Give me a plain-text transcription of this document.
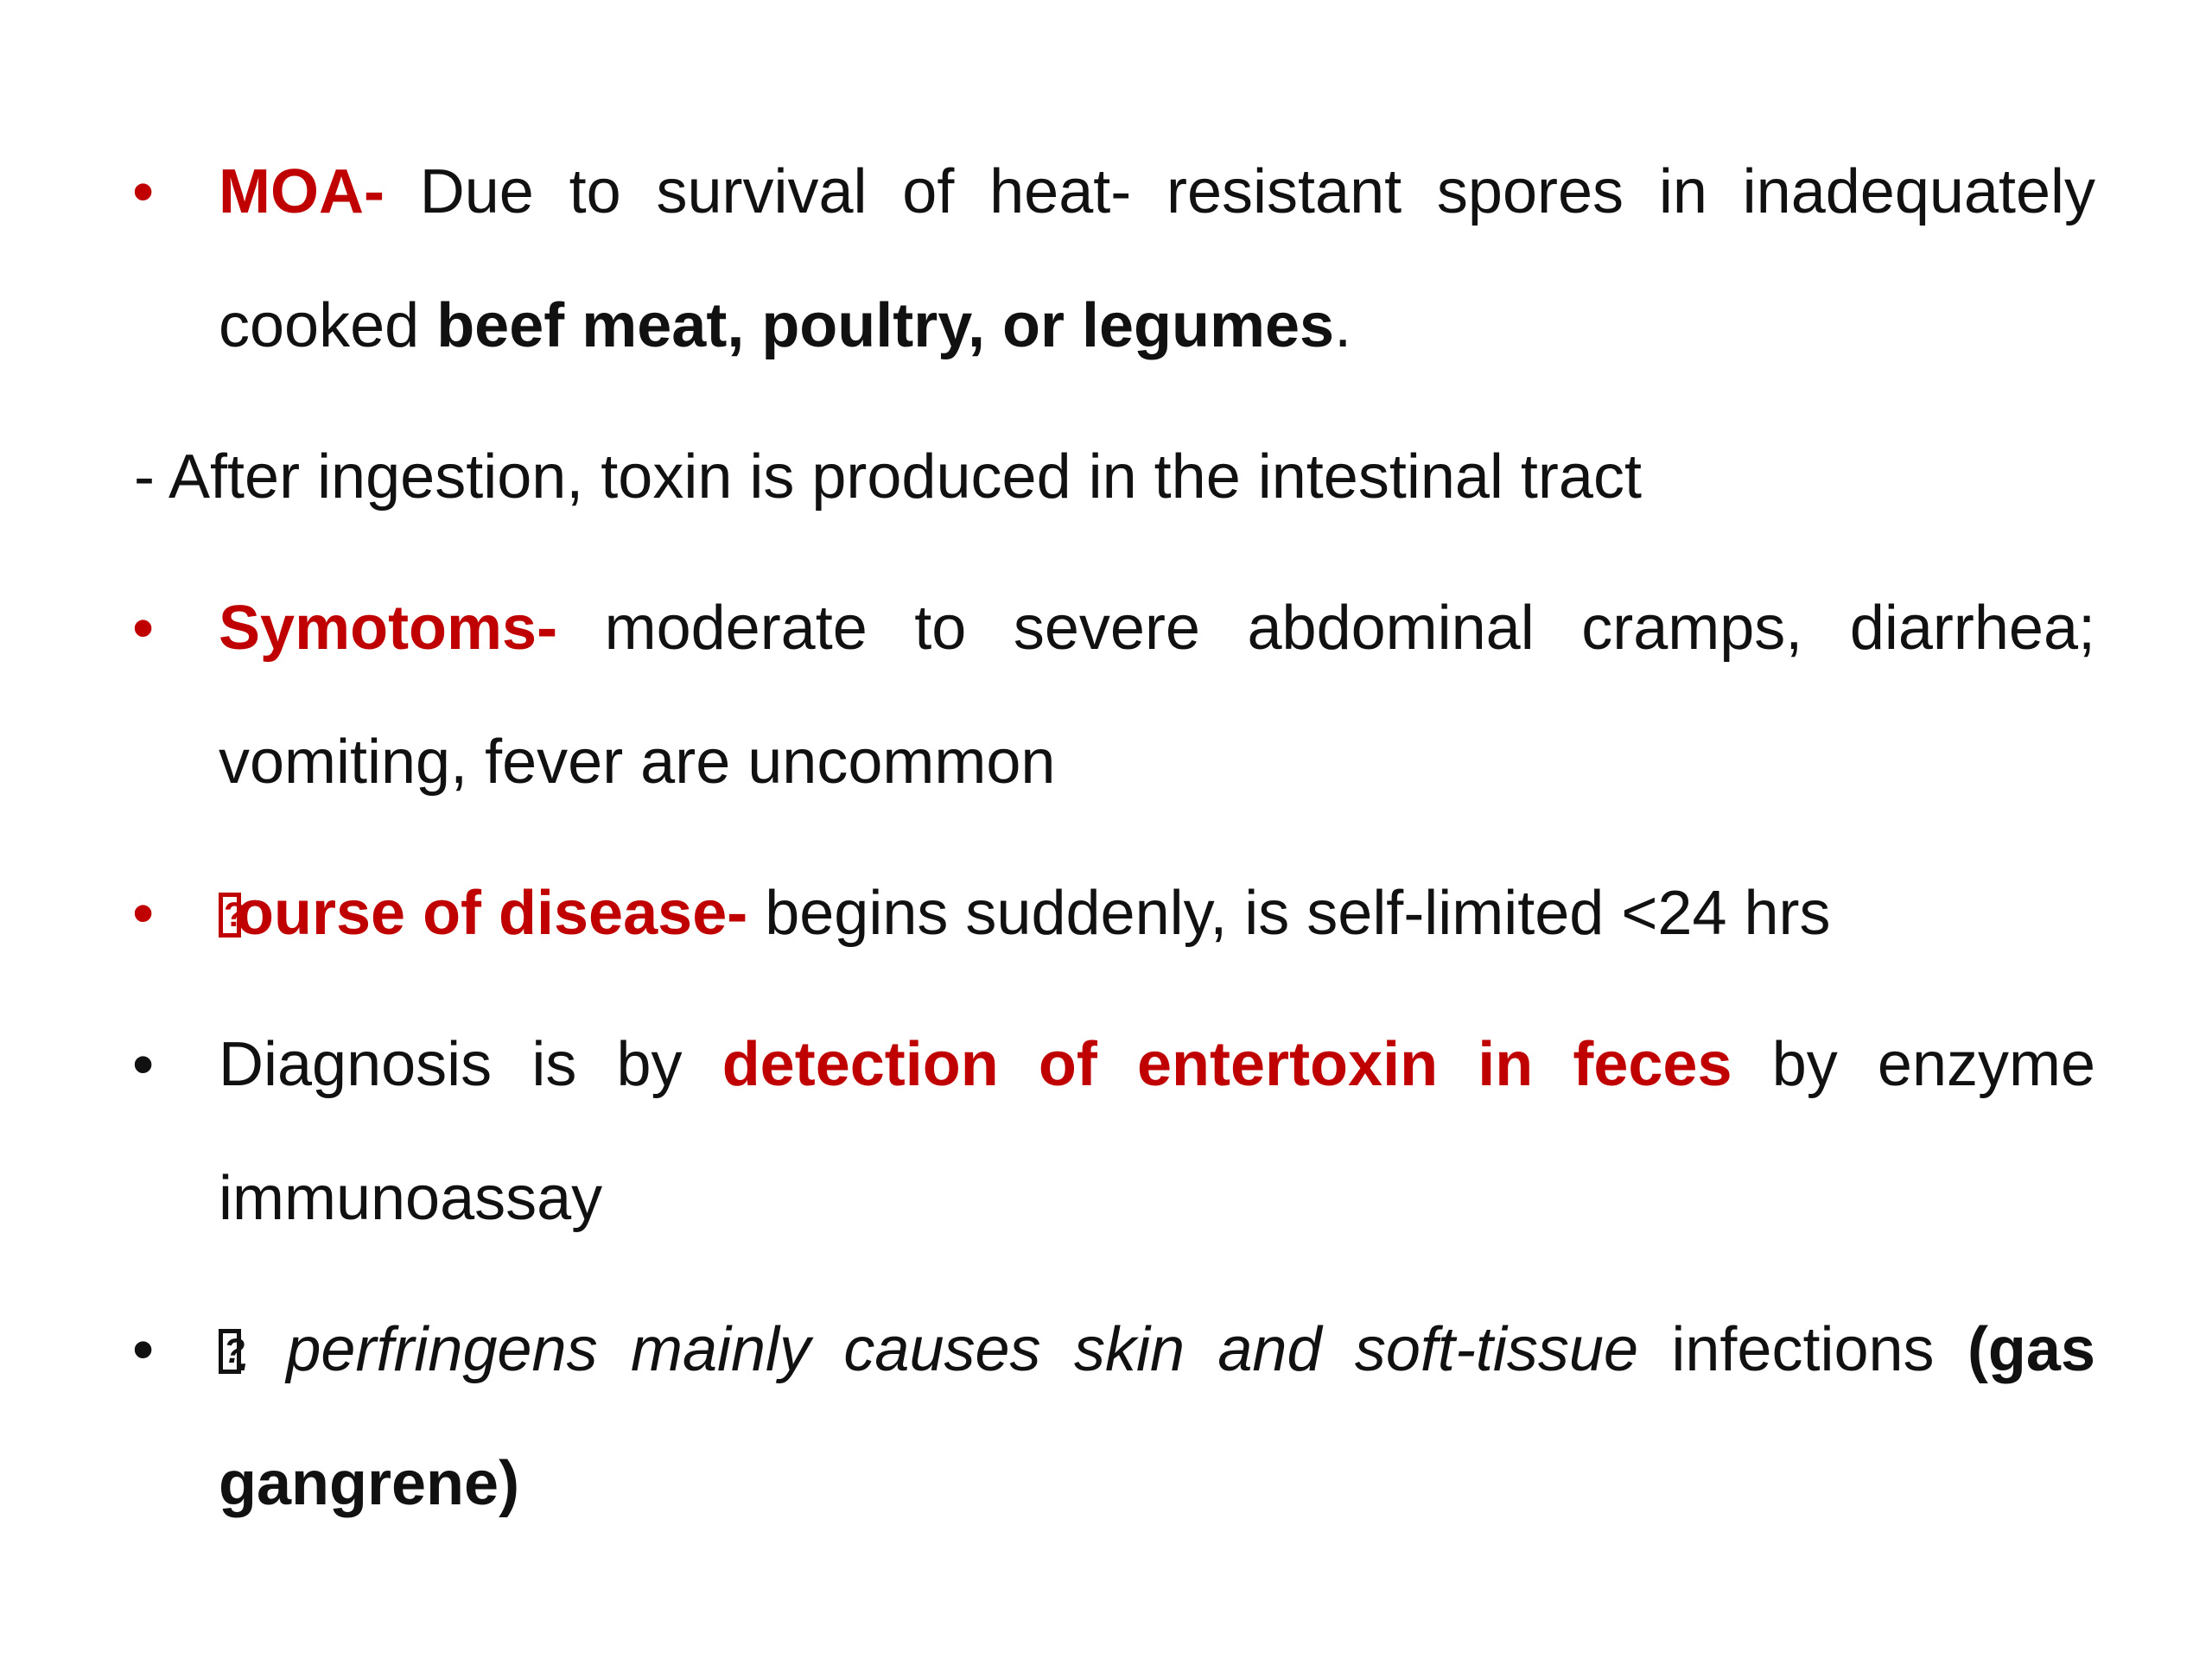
• MOA- Due to survival of heat- resistant spores in inadequately cooked beef meat, poultry, or legumes.
- After ingestion, toxin is produced in the intestinal tract
• Symotoms- moderate to severe abdominal cramps, diarrhea; vomiting, fever are uncommon
• ? ourse of disease- begins suddenly, is self-limited <24 hrs
• Diagnosis is by detection of entertoxin in feces by enzyme immunoassay
• ? . perfringens mainly causes skin and soft-tissue infections (gas gangrene)
